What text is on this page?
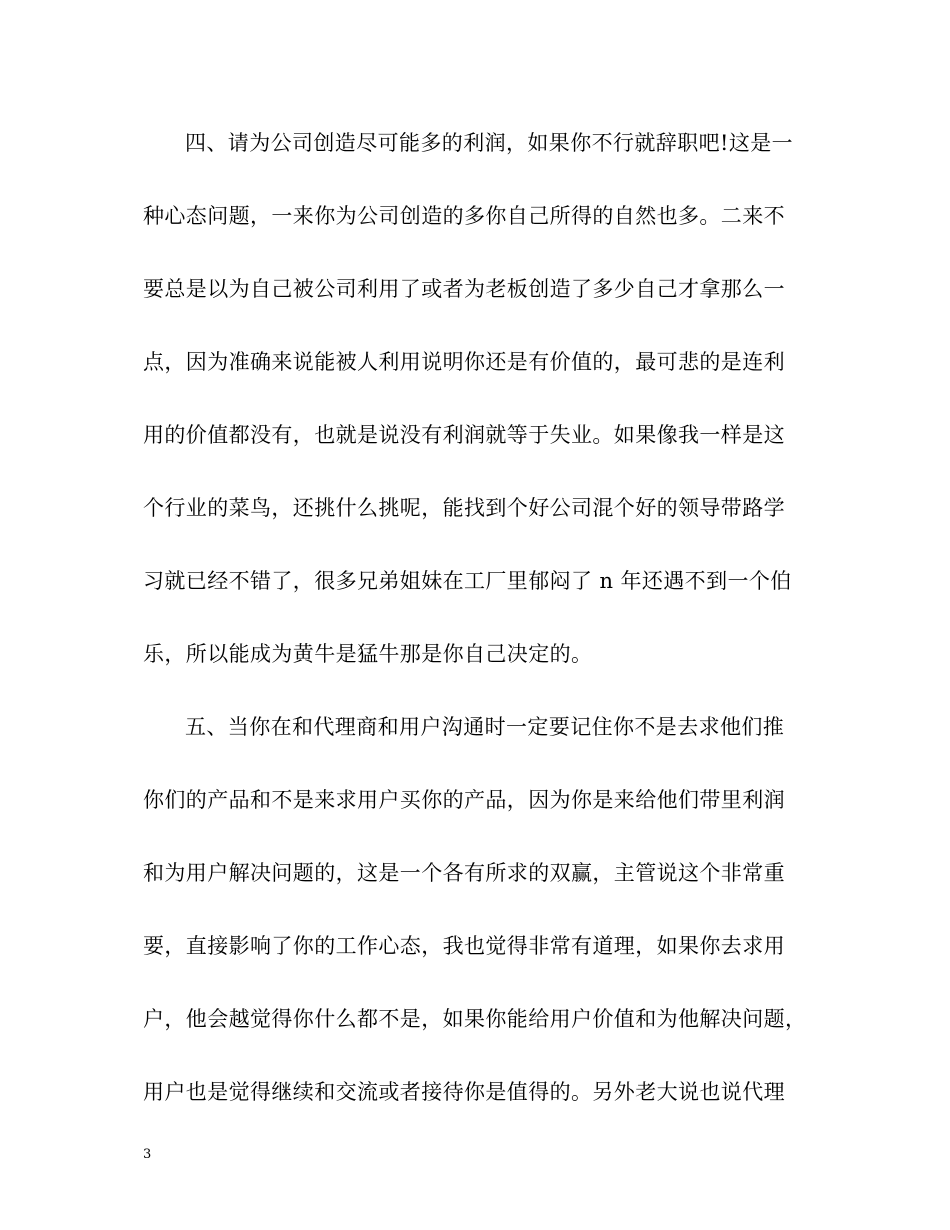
四、请为公司创造尽可能多的利润，如果你不行就辞职吧!这是一
种心态问题，一来你为公司创造的多你自己所得的自然也多。二来不
要总是以为自己被公司利用了或者为老板创造了多少自己才拿那么一
点，因为准确来说能被人利用说明你还是有价值的，最可悲的是连利
用的价值都没有，也就是说没有利润就等于失业。如果像我一样是这
个行业的菜鸟，还挑什么挑呢，能找到个好公司混个好的领导带路学
习就已经不错了，很多兄弟姐妹在工厂里郁闷了 n 年还遇不到一个伯
乐，所以能成为黄牛是猛牛那是你自己决定的。
五、当你在和代理商和用户沟通时一定要记住你不是去求他们推
你们的产品和不是来求用户买你的产品，因为你是来给他们带里利润
和为用户解决问题的，这是一个各有所求的双赢，主管说这个非常重
要，直接影响了你的工作心态，我也觉得非常有道理，如果你去求用
户，他会越觉得你什么都不是，如果你能给用户价值和为他解决问题，
用户也是觉得继续和交流或者接待你是值得的。另外老大说也说代理
3
